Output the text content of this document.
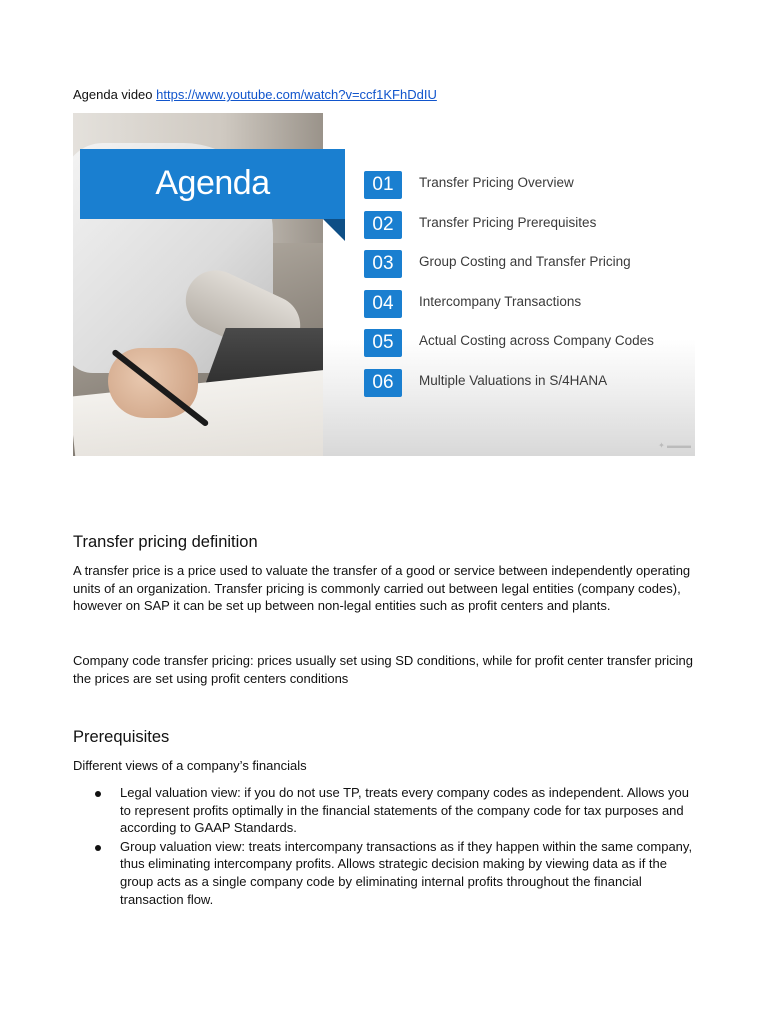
Agenda video https://www.youtube.com/watch?v=ccf1KFhDdIU
Agenda	01	Transfer Pricing Overview
02	Transfer Pricing Prerequisites
03	Group Costing and Transfer Pricing
04	Intercompany Transactions
05	Actual Costing across Company Codes
06	Multiple Valuations in S/4HANA
✦ ▬▬▬
Transfer pricing definition

A transfer price is a price used to valuate the transfer of a good or service between independently operating units of an organization. Transfer pricing is commonly carried out between legal entities (company codes), however on SAP it can be set up between non-legal entities such as profit centers and plants.

Company code transfer pricing: prices usually set using SD conditions, while for profit center transfer pricing the prices are set using profit centers conditions

Prerequisites

Different views of a company’s financials

Legal valuation view: if you do not use TP, treats every company codes as independent. Allows you to represent profits optimally in the financial statements of the company code for tax purposes and according to GAAP Standards.
Group valuation view: treats intercompany transactions as if they happen within the same company, thus eliminating intercompany profits. Allows strategic decision making by viewing data as if the group acts as a single company code by eliminating internal profits throughout the financial transaction flow.
